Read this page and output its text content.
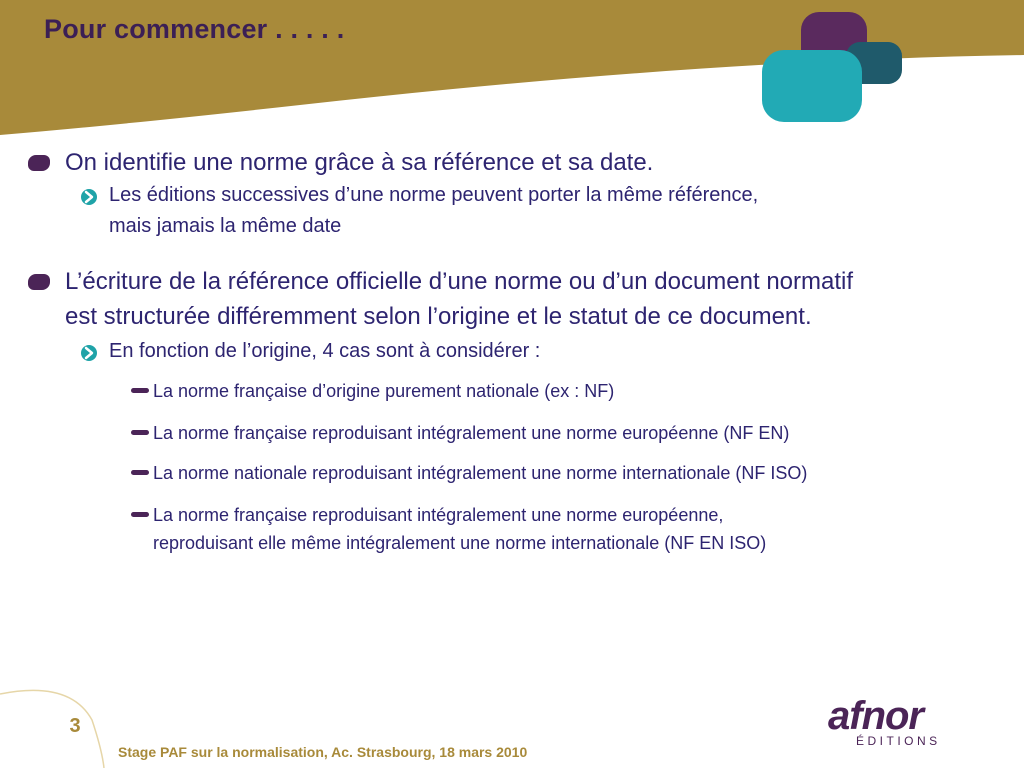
Pour commencer . . . . .
On identifie une norme grâce à sa référence et sa date.
Les éditions successives d’une norme peuvent porter la même référence,
mais jamais la même date
L’écriture de la référence officielle d’une norme ou d’un document normatif
est structurée différemment selon l’origine et le statut de ce document.
En fonction de l’origine, 4 cas sont à considérer :
La norme française d’origine purement nationale (ex : NF)
La norme française reproduisant intégralement une norme européenne (NF EN)
La norme nationale reproduisant intégralement une norme internationale (NF ISO)
La norme française reproduisant intégralement une norme européenne,
reproduisant elle même intégralement une norme internationale (NF EN ISO)
3
Stage PAF sur la normalisation, Ac. Strasbourg, 18 mars 2010
afnor
ÉDITIONS
